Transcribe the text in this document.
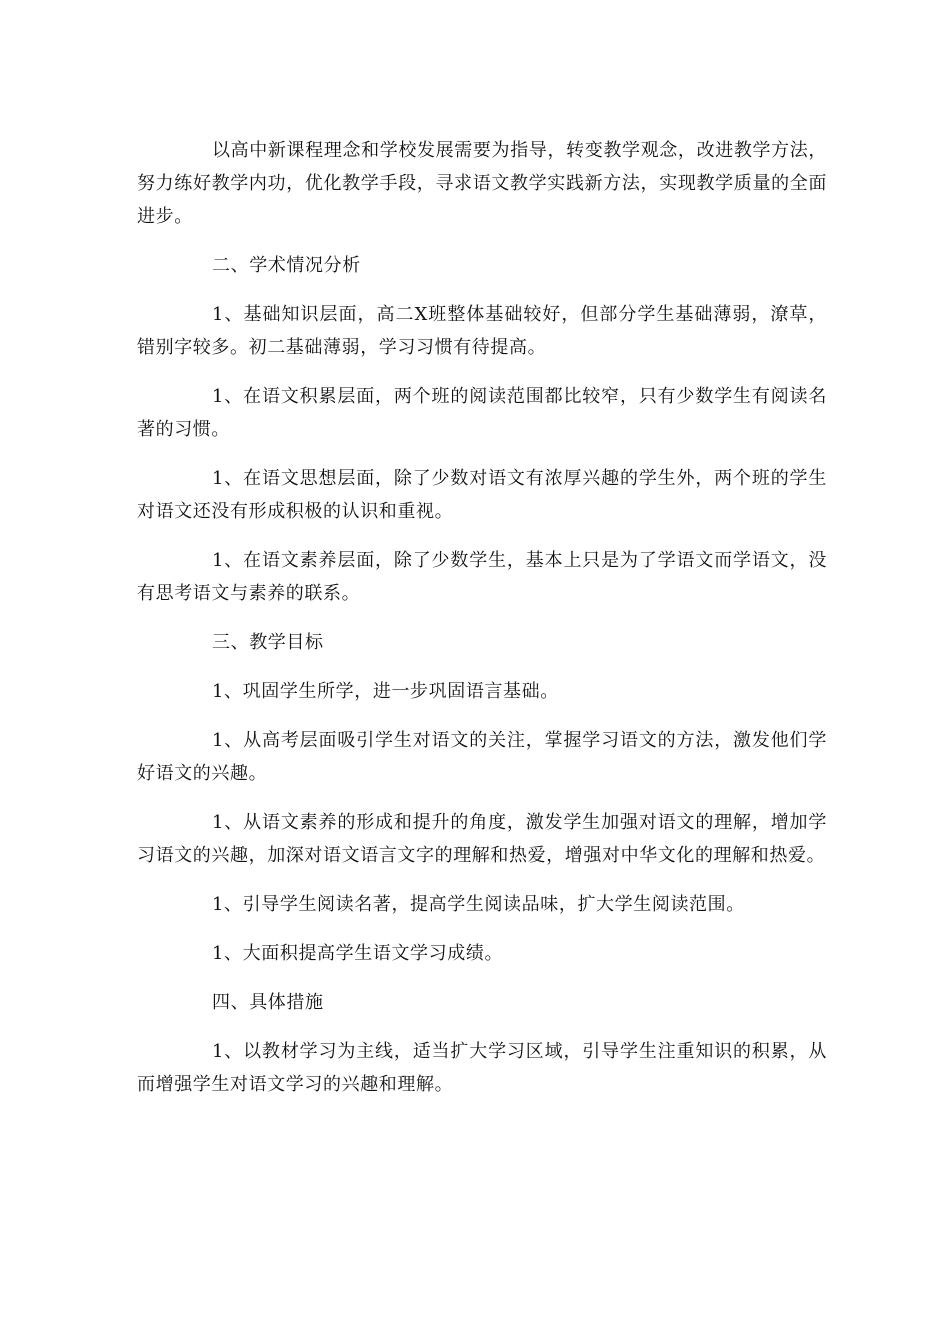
以高中新课程理念和学校发展需要为指导，转变教学观念，改进教学方法，努力练好教学内功，优化教学手段，寻求语文教学实践新方法，实现教学质量的全面进步。

二、学术情况分析

1、基础知识层面，高二X班整体基础较好，但部分学生基础薄弱，潦草，错别字较多。初二基础薄弱，学习习惯有待提高。

1、在语文积累层面，两个班的阅读范围都比较窄，只有少数学生有阅读名著的习惯。

1、在语文思想层面，除了少数对语文有浓厚兴趣的学生外，两个班的学生对语文还没有形成积极的认识和重视。

1、在语文素养层面，除了少数学生，基本上只是为了学语文而学语文，没有思考语文与素养的联系。

三、教学目标

1、巩固学生所学，进一步巩固语言基础。

1、从高考层面吸引学生对语文的关注，掌握学习语文的方法，激发他们学好语文的兴趣。

1、从语文素养的形成和提升的角度，激发学生加强对语文的理解，增加学习语文的兴趣，加深对语文语言文字的理解和热爱，增强对中华文化的理解和热爱。

1、引导学生阅读名著，提高学生阅读品味，扩大学生阅读范围。

1、大面积提高学生语文学习成绩。

四、具体措施

1、以教材学习为主线，适当扩大学习区域，引导学生注重知识的积累，从而增强学生对语文学习的兴趣和理解。
